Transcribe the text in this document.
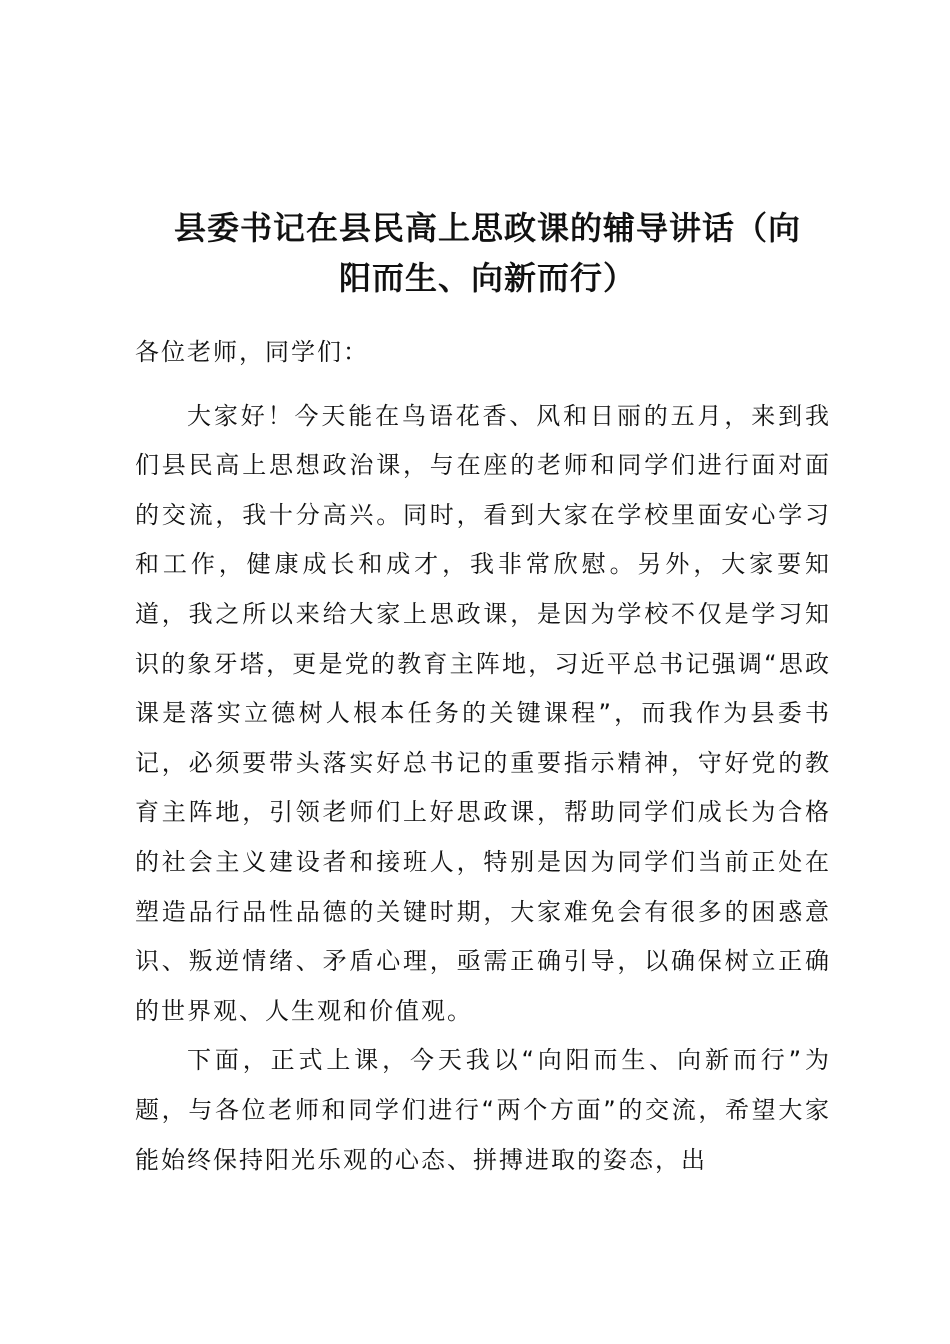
县委书记在县民高上思政课的辅导讲话（向
阳而生、向新而行）

各位老师，同学们：

大家好！今天能在鸟语花香、风和日丽的五月，来到我们县民高上思想政治课，与在座的老师和同学们进行面对面的交流，我十分高兴。同时，看到大家在学校里面安心学习和工作，健康成长和成才，我非常欣慰。另外，大家要知道，我之所以来给大家上思政课，是因为学校不仅是学习知识的象牙塔，更是党的教育主阵地，习近平总书记强调“思政课是落实立德树人根本任务的关键课程”，而我作为县委书记，必须要带头落实好总书记的重要指示精神，守好党的教育主阵地，引领老师们上好思政课，帮助同学们成长为合格的社会主义建设者和接班人，特别是因为同学们当前正处在塑造品行品性品德的关键时期，大家难免会有很多的困惑意识、叛逆情绪、矛盾心理，亟需正确引导，以确保树立正确的世界观、人生观和价值观。

下面，正式上课，今天我以“向阳而生、向新而行”为题，与各位老师和同学们进行“两个方面”的交流，希望大家能始终保持阳光乐观的心态、拼搏进取的姿态，出
